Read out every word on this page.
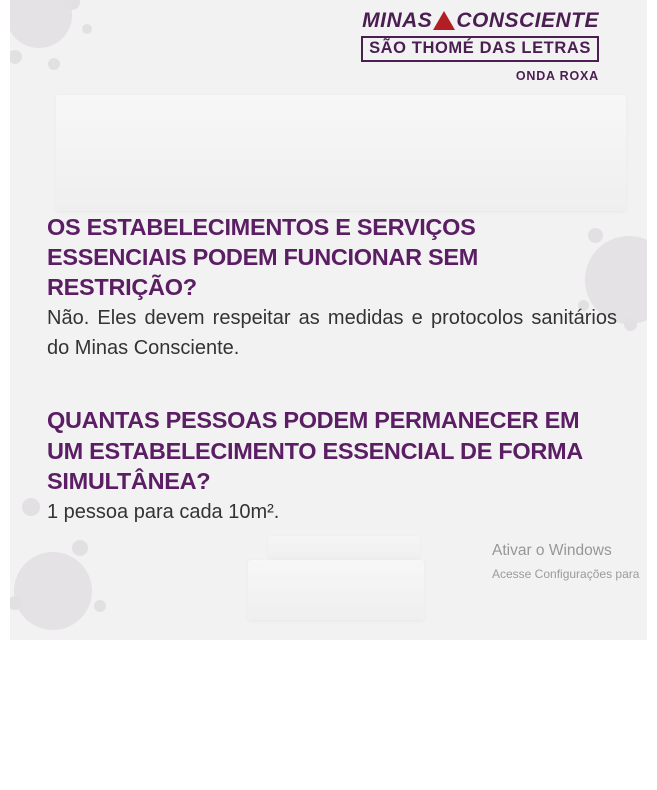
MINAS CONSCIENTE
SÃO THOMÉ DAS LETRAS
ONDA ROXA

OS ESTABELECIMENTOS E SERVIÇOS ESSENCIAIS PODEM FUNCIONAR SEM RESTRIÇÃO?

Não. Eles devem respeitar as medidas e protocolos sanitários do Minas Consciente.

QUANTAS PESSOAS PODEM PERMANECER EM UM ESTABELECIMENTO ESSENCIAL DE FORMA SIMULTÂNEA?

1 pessoa para cada 10m².

Ativar o Windows
Acesse Configurações para
